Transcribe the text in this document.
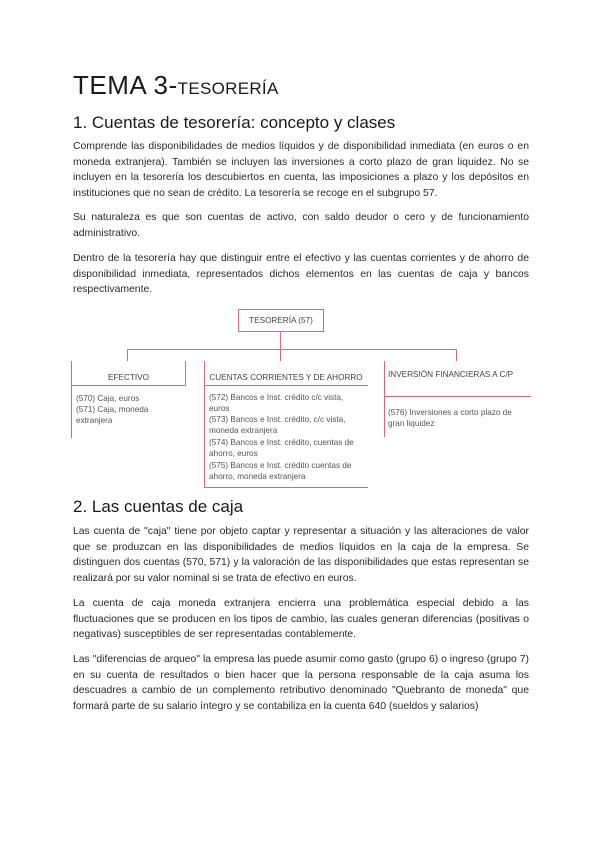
TEMA 3-TESORERÍA
1. Cuentas de tesorería: concepto y clases

Comprende las disponibilidades de medios líquidos y de disponibilidad inmediata (en euros o en moneda extranjera). También se incluyen las inversiones a corto plazo de gran liquidez. No se incluyen en la tesorería los descubiertos en cuenta, las imposiciones a plazo y los depósitos en instituciones que no sean de crédito. La tesorería se recoge en el subgrupo 57.

Su naturaleza es que son cuentas de activo, con saldo deudor o cero y de funcionamiento administrativo.

Dentro de la tesorería hay que distinguir entre el efectivo y las cuentas corrientes y de ahorro de disponibilidad inmediata, representados dichos elementos en las cuentas de caja y bancos respectivamente.

TESORERÍA (57)
EFECTIVO
(570) Caja, euros
(571) Caja, moneda extranjera
CUENTAS CORRIENTES Y DE AHORRO
(572) Bancos e Inst. crédito c/c vista, euros
(573) Bancos e Inst. crédito, c/c vista, moneda extranjera
(574) Bancos e Inst. crédito, cuentas de ahorro, euros
(575) Bancos e Inst. crédito cuentas de ahorro, moneda extranjera
INVERSIÓN FINANCIERAS A C/P
(576) Inversiones a corto plazo de gran liquidez
2. Las cuentas de caja

Las cuenta de "caja" tiene por objeto captar y representar a situación y las alteraciones de valor que se produzcan en las disponibilidades de medios líquidos en la caja de la empresa. Se distinguen dos cuentas (570, 571) y la valoración de las disponibilidades que estas representan se realizará por su valor nominal si se trata de efectivo en euros.

La cuenta de caja moneda extranjera encierra una problemática especial debido a las fluctuaciones que se producen en los tipos de cambio, las cuales generan diferencias (positivas o negativas) susceptibles de ser representadas contablemente.

Las "diferencias de arqueo" la empresa las puede asumir como gasto (grupo 6) o ingreso (grupo 7) en su cuenta de resultados o bien hacer que la persona responsable de la caja asuma los descuadres a cambio de un complemento retributivo denominado "Quebranto de moneda" que formará parte de su salario íntegro y se contabiliza en la cuenta 640 (sueldos y salarios)
